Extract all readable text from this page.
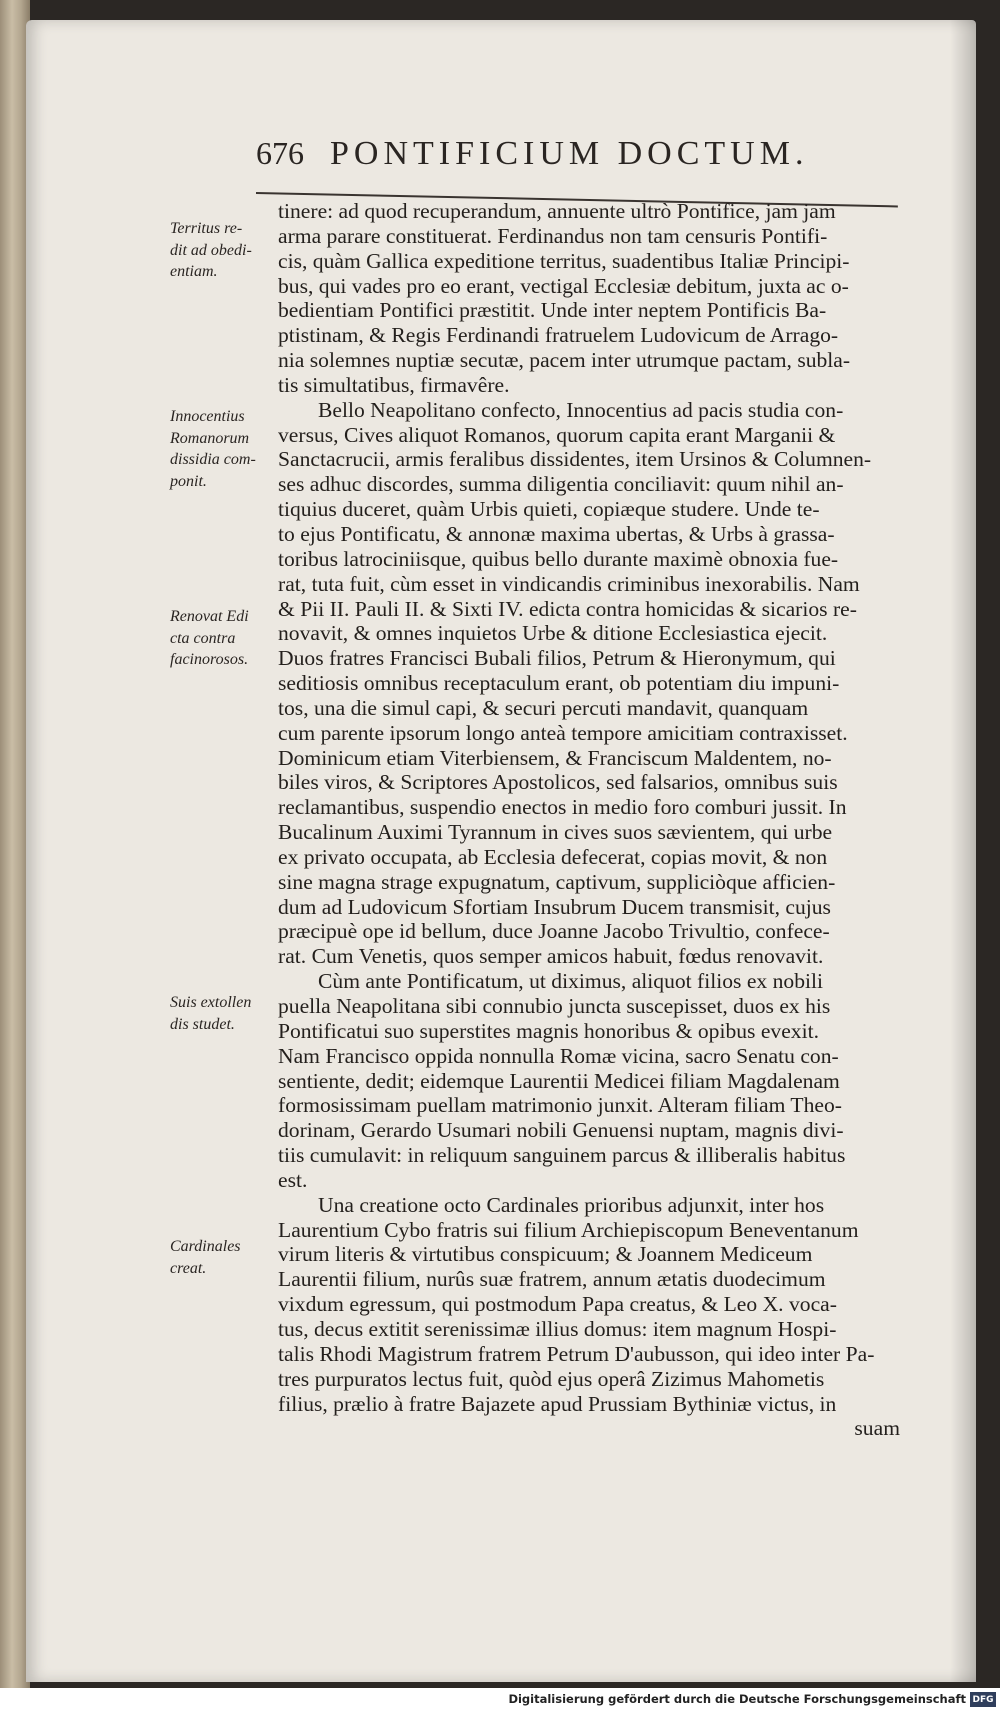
676 PONTIFICIUM DOCTUM.
Territus re-
dit ad obedi-
entiam.
Innocentius
Romanorum
dissidia com-
ponit.
Renovat Edi
cta contra
facinorosos.
Suis extollen
dis studet.
Cardinales
creat.
tinere: ad quod recuperandum, annuente ultrò Pontifice, jam jam
arma parare constituerat. Ferdinandus non tam censuris Pontifi-
cis, quàm Gallica expeditione territus, suadentibus Italiæ Principi-
bus, qui vades pro eo erant, vectigal Ecclesiæ debitum, juxta ac o-
bedientiam Pontifici præstitit. Unde inter neptem Pontificis Ba-
ptistinam, & Regis Ferdinandi fratruelem Ludovicum de Arrago-
nia solemnes nuptiæ secutæ, pacem inter utrumque pactam, subla-
tis simultatibus, firmavêre.
Bello Neapolitano confecto, Innocentius ad pacis studia con-
versus, Cives aliquot Romanos, quorum capita erant Marganii &
Sanctacrucii, armis feralibus dissidentes, item Ursinos & Columnen-
ses adhuc discordes, summa diligentia conciliavit: quum nihil an-
tiquius duceret, quàm Urbis quieti, copiæque studere. Unde te-
to ejus Pontificatu, & annonæ maxima ubertas, & Urbs à grassa-
toribus latrociniisque, quibus bello durante maximè obnoxia fue-
rat, tuta fuit, cùm esset in vindicandis criminibus inexorabilis. Nam
& Pii II. Pauli II. & Sixti IV. edicta contra homicidas & sicarios re-
novavit, & omnes inquietos Urbe & ditione Ecclesiastica ejecit.
Duos fratres Francisci Bubali filios, Petrum & Hieronymum, qui
seditiosis omnibus receptaculum erant, ob potentiam diu impuni-
tos, una die simul capi, & securi percuti mandavit, quanquam
cum parente ipsorum longo anteà tempore amicitiam contraxisset.
Dominicum etiam Viterbiensem, & Franciscum Maldentem, no-
biles viros, & Scriptores Apostolicos, sed falsarios, omnibus suis
reclamantibus, suspendio enectos in medio foro comburi jussit. In
Bucalinum Auximi Tyrannum in cives suos sævientem, qui urbe
ex privato occupata, ab Ecclesia defecerat, copias movit, & non
sine magna strage expugnatum, captivum, suppliciòque afficien-
dum ad Ludovicum Sfortiam Insubrum Ducem transmisit, cujus
præcipuè ope id bellum, duce Joanne Jacobo Trivultio, confece-
rat. Cum Venetis, quos semper amicos habuit, fœdus renovavit.
Cùm ante Pontificatum, ut diximus, aliquot filios ex nobili
puella Neapolitana sibi connubio juncta suscepisset, duos ex his
Pontificatui suo superstites magnis honoribus & opibus evexit.
Nam Francisco oppida nonnulla Romæ vicina, sacro Senatu con-
sentiente, dedit; eidemque Laurentii Medicei filiam Magdalenam
formosissimam puellam matrimonio junxit. Alteram filiam Theo-
dorinam, Gerardo Usumari nobili Genuensi nuptam, magnis divi-
tiis cumulavit: in reliquum sanguinem parcus & illiberalis habitus
est.
Una creatione octo Cardinales prioribus adjunxit, inter hos
Laurentium Cybo fratris sui filium Archiepiscopum Beneventanum
virum literis & virtutibus conspicuum; & Joannem Mediceum
Laurentii filium, nurûs suæ fratrem, annum ætatis duodecimum
vixdum egressum, qui postmodum Papa creatus, & Leo X. voca-
tus, decus extitit serenissimæ illius domus: item magnum Hospi-
talis Rhodi Magistrum fratrem Petrum D'aubusson, qui ideo inter Pa-
tres purpuratos lectus fuit, quòd ejus operâ Zizimus Mahometis
filius, prælio à fratre Bajazete apud Prussiam Bythiniæ victus, in
suam
Digitalisierung gefördert durch die Deutsche Forschungsgemeinschaft DFG
